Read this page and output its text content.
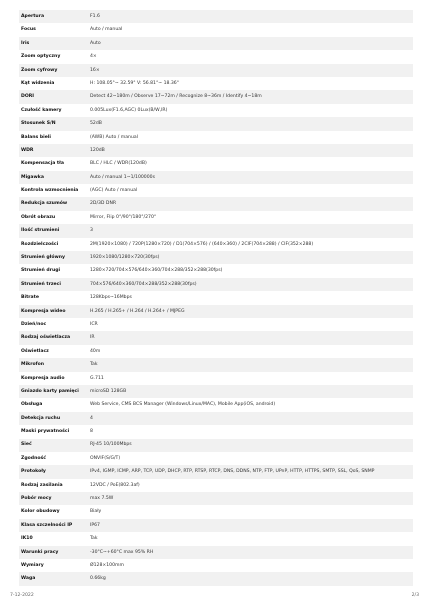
Apertura	F1.6
Focus	Auto / manual
Iris	Auto
Zoom optyczny	4×
Zoom cyfrowy	16×
Kąt widzenia	H: 108.05°~ 32.59° V: 56.81°~ 18.36°
DORI	Detect 42~180m / Observe 17~72m / Recognize 8~36m / Identify 4~18m
Czułość kamery	0.005Lux(F1.6,AGC) 0Lux(B/W,IR)
Stosunek S/N	52dB
Balans bieli	(AWB) Auto / manual
WDR	120dB
Kompensacja tła	BLC / HLC / WDR(120dB)
Migawka	Auto / manual 1~1/100000s
Kontrola wzmocnienia	(AGC) Auto / manual
Redukcja szumów	2D/3D DNR
Obrót obrazu	Mirror, Flip 0°/90°/180°/270°
Ilość strumieni	3
Rozdzielczości	2M(1920×1080) / 720P(1280×720) / D1(704×576) / (640×360) / 2CIF(704×288) / CIF(352×288)
Strumień główny	1920×1080/1280×720(30fps)
Strumień drugi	1280×720/704×576/640×360/704×288/352×288(30fps)
Strumień trzeci	704×576/640×360/704×288/352×288(30fps)
Bitrate	128Kbps~16Mbps
Kompresja wideo	H.265 / H.265+ / H.264 / H.264+ / MJPEG
Dzień/noc	ICR
Rodzaj oświetlacza	IR
Oświetlacz	40m
Mikrofon	Tak
Kompresja audio	G.711
Gniazdo karty pamięci	microSD 128GB
Obsługa	Web Service, CMS BCS Manager (Windows/Linux/MAC), Mobile App(iOS, android)
Detekcja ruchu	4
Maski prywatności	8
Sieć	RJ-45 10/100Mbps
Zgodność	ONVIF(S/G/T)
Protokoły	IPv4, IGMP, ICMP, ARP, TCP, UDP, DHCP, RTP, RTSP, RTCP, DNS, DDNS, NTP, FTP, UPnP, HTTP, HTTPS, SMTP, SSL, QoS, SNMP
Rodzaj zasilania	12VDC / PoE(802.3af)
Pobór mocy	max 7.5W
Kolor obudowy	Biały
Klasa szczelności IP	IP67
IK10	Tak
Warunki pracy	-30°C~+60°C max 95% RH
Wymiary	Ø128×100mm
Waga	0.66kg
7-12-2022	2/3
